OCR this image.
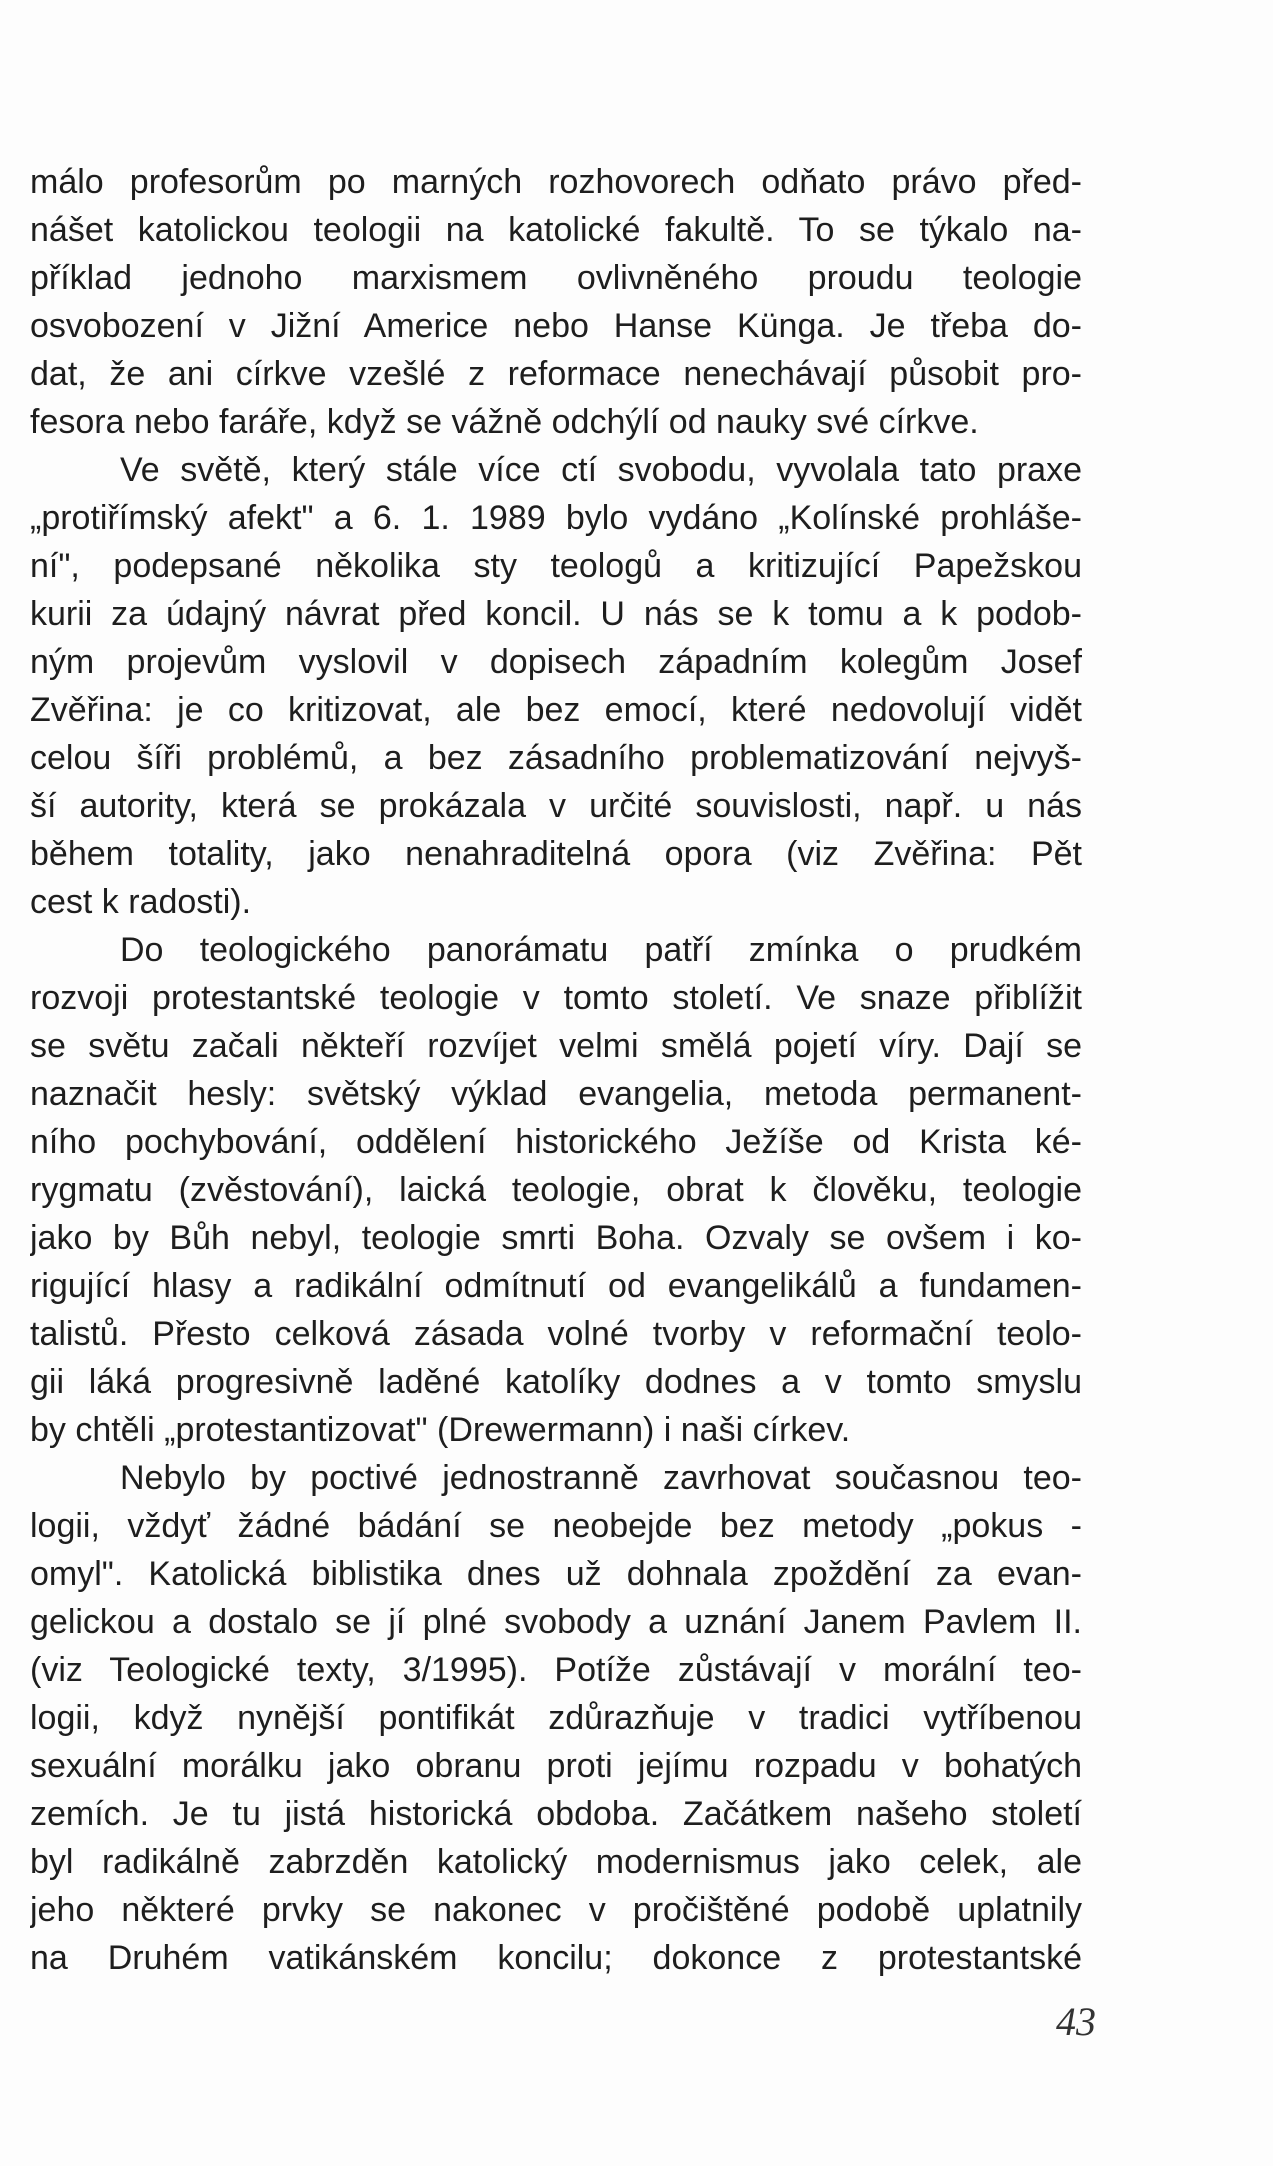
málo profesorům po marných rozhovorech odňato právo před-
nášet katolickou teologii na katolické fakultě. To se týkalo na-
příklad jednoho marxismem ovlivněného proudu teologie
osvobození v Jižní Americe nebo Hanse Künga. Je třeba do-
dat, že ani církve vzešlé z reformace nenechávají působit pro-
fesora nebo faráře, když se vážně odchýlí od nauky své církve.
Ve světě, který stále více ctí svobodu, vyvolala tato praxe
„protiřímský afekt" a 6. 1. 1989 bylo vydáno „Kolínské prohláše-
ní", podepsané několika sty teologů a kritizující Papežskou
kurii za údajný návrat před koncil. U nás se k tomu a k podob-
ným projevům vyslovil v dopisech západním kolegům Josef
Zvěřina: je co kritizovat, ale bez emocí, které nedovolují vidět
celou šíři problémů, a bez zásadního problematizování nejvyš-
ší autority, která se prokázala v určité souvislosti, např. u nás
během totality, jako nenahraditelná opora (viz Zvěřina: Pět
cest k radosti).
Do teologického panorámatu patří zmínka o prudkém
rozvoji protestantské teologie v tomto století. Ve snaze přiblížit
se světu začali někteří rozvíjet velmi smělá pojetí víry. Dají se
naznačit hesly: světský výklad evangelia, metoda permanent-
ního pochybování, oddělení historického Ježíše od Krista ké-
rygmatu (zvěstování), laická teologie, obrat k člověku, teologie
jako by Bůh nebyl, teologie smrti Boha. Ozvaly se ovšem i ko-
rigující hlasy a radikální odmítnutí od evangelikálů a fundamen-
talistů. Přesto celková zásada volné tvorby v reformační teolo-
gii láká progresivně laděné katolíky dodnes a v tomto smyslu
by chtěli „protestantizovat" (Drewermann) i naši církev.
Nebylo by poctivé jednostranně zavrhovat současnou teo-
logii, vždyť žádné bádání se neobejde bez metody „pokus -
omyl". Katolická biblistika dnes už dohnala zpoždění za evan-
gelickou a dostalo se jí plné svobody a uznání Janem Pavlem II.
(viz Teologické texty, 3/1995). Potíže zůstávají v morální teo-
logii, když nynější pontifikát zdůrazňuje v tradici vytříbenou
sexuální morálku jako obranu proti jejímu rozpadu v bohatých
zemích. Je tu jistá historická obdoba. Začátkem našeho století
byl radikálně zabrzděn katolický modernismus jako celek, ale
jeho některé prvky se nakonec v pročištěné podobě uplatnily
na Druhém vatikánském koncilu; dokonce z protestantské
43
